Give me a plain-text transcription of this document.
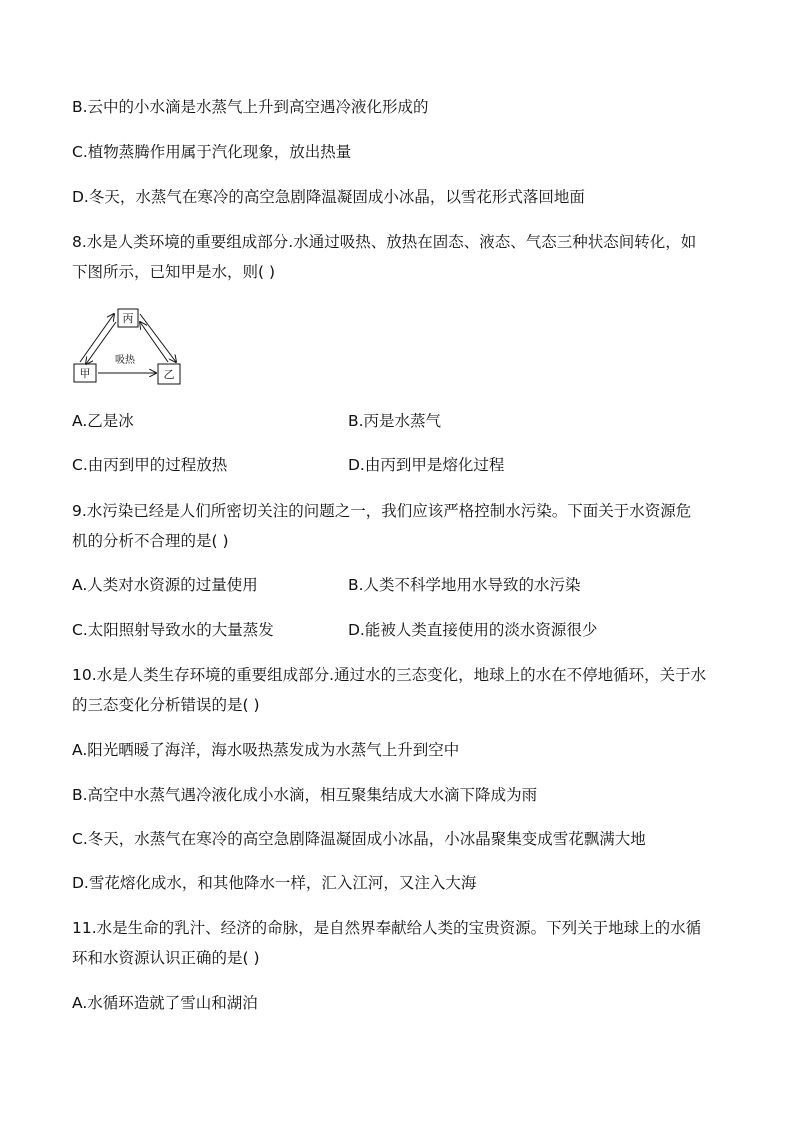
B.云中的小水滴是水蒸气上升到高空遇冷液化形成的
C.植物蒸腾作用属于汽化现象，放出热量
D.冬天，水蒸气在寒冷的高空急剧降温凝固成小冰晶，以雪花形式落回地面
8.水是人类环境的重要组成部分.水通过吸热、放热在固态、液态、气态三种状态间转化，如
下图所示，已知甲是水，则( )
丙
甲	乙
吸热
A.乙是冰	B.丙是水蒸气
C.由丙到甲的过程放热	D.由丙到甲是熔化过程
9.水污染已经是人们所密切关注的问题之一，我们应该严格控制水污染。下面关于水资源危
机的分析不合理的是( )
A.人类对水资源的过量使用	B.人类不科学地用水导致的水污染
C.太阳照射导致水的大量蒸发	D.能被人类直接使用的淡水资源很少
10.水是人类生存环境的重要组成部分.通过水的三态变化，地球上的水在不停地循环，关于水
的三态变化分析错误的是( )
A.阳光晒暖了海洋，海水吸热蒸发成为水蒸气上升到空中
B.高空中水蒸气遇冷液化成小水滴，相互聚集结成大水滴下降成为雨
C.冬天，水蒸气在寒冷的高空急剧降温凝固成小冰晶，小冰晶聚集变成雪花飘满大地
D.雪花熔化成水，和其他降水一样，汇入江河，又注入大海
11.水是生命的乳汁、经济的命脉，是自然界奉献给人类的宝贵资源。下列关于地球上的水循
环和水资源认识正确的是( )
A.水循环造就了雪山和湖泊
